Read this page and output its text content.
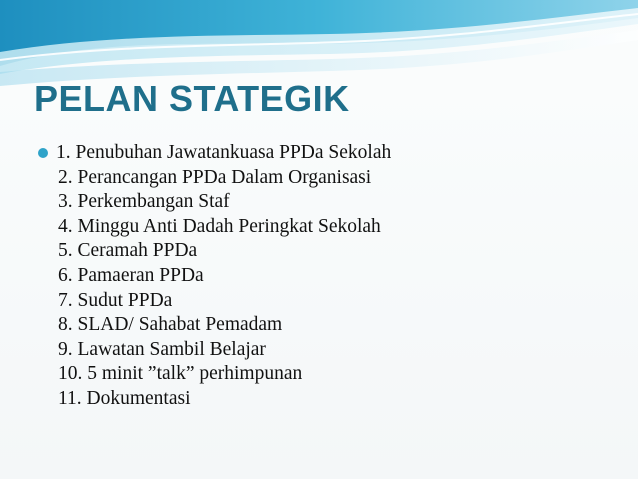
PELAN STATEGIK
1. Penubuhan Jawatankuasa PPDa Sekolah
2. Perancangan PPDa Dalam Organisasi
3. Perkembangan Staf
4. Minggu Anti Dadah Peringkat Sekolah
5. Ceramah PPDa
6. Pamaeran PPDa
7. Sudut PPDa
8. SLAD/ Sahabat Pemadam
9. Lawatan Sambil Belajar
10. 5 minit ”talk” perhimpunan
11. Dokumentasi
